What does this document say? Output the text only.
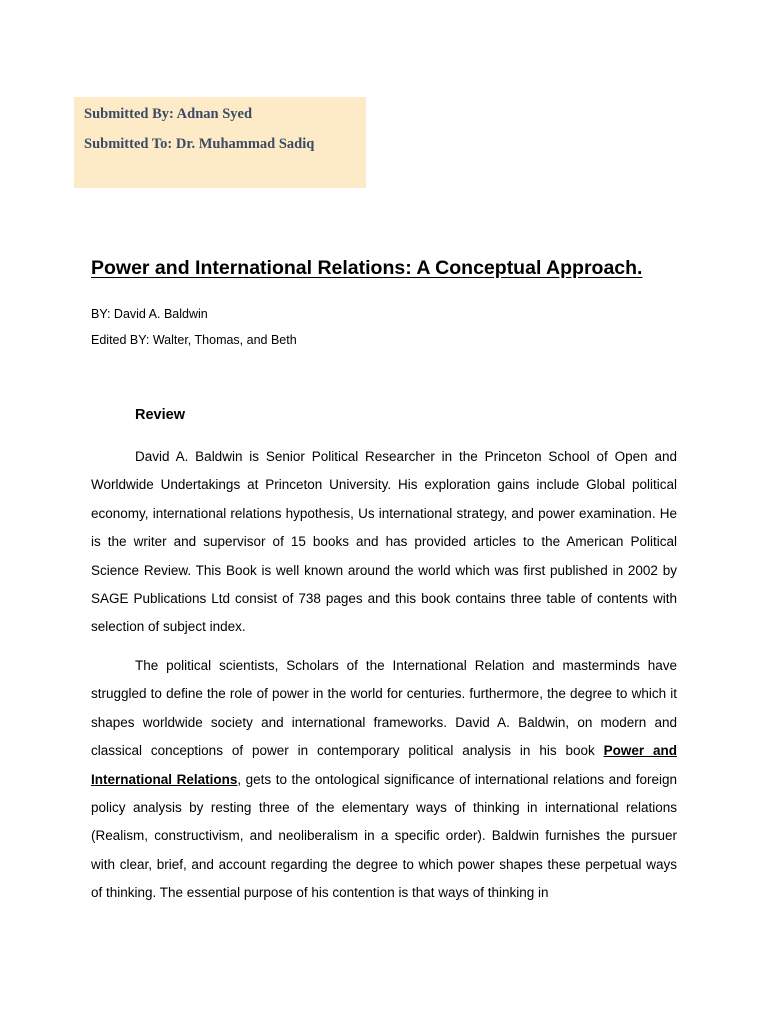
Submitted By: Adnan Syed
Submitted To: Dr. Muhammad Sadiq
Power and International Relations: A Conceptual Approach.
BY: David A. Baldwin
Edited BY: Walter, Thomas, and Beth
Review

David A. Baldwin is Senior Political Researcher in the Princeton School of Open and Worldwide Undertakings at Princeton University. His exploration gains include Global political economy, international relations hypothesis, Us international strategy, and power examination. He is the writer and supervisor of 15 books and has provided articles to the American Political Science Review. This Book is well known around the world which was first published in 2002 by SAGE Publications Ltd consist of 738 pages and this book contains three table of contents with selection of subject index.

The political scientists, Scholars of the International Relation and masterminds have struggled to define the role of power in the world for centuries. furthermore, the degree to which it shapes worldwide society and international frameworks. David A. Baldwin, on modern and classical conceptions of power in contemporary political analysis in his book Power and International Relations, gets to the ontological significance of international relations and foreign policy analysis by resting three of the elementary ways of thinking in international relations (Realism, constructivism, and neoliberalism in a specific order). Baldwin furnishes the pursuer with clear, brief, and account regarding the degree to which power shapes these perpetual ways of thinking. The essential purpose of his contention is that ways of thinking in
